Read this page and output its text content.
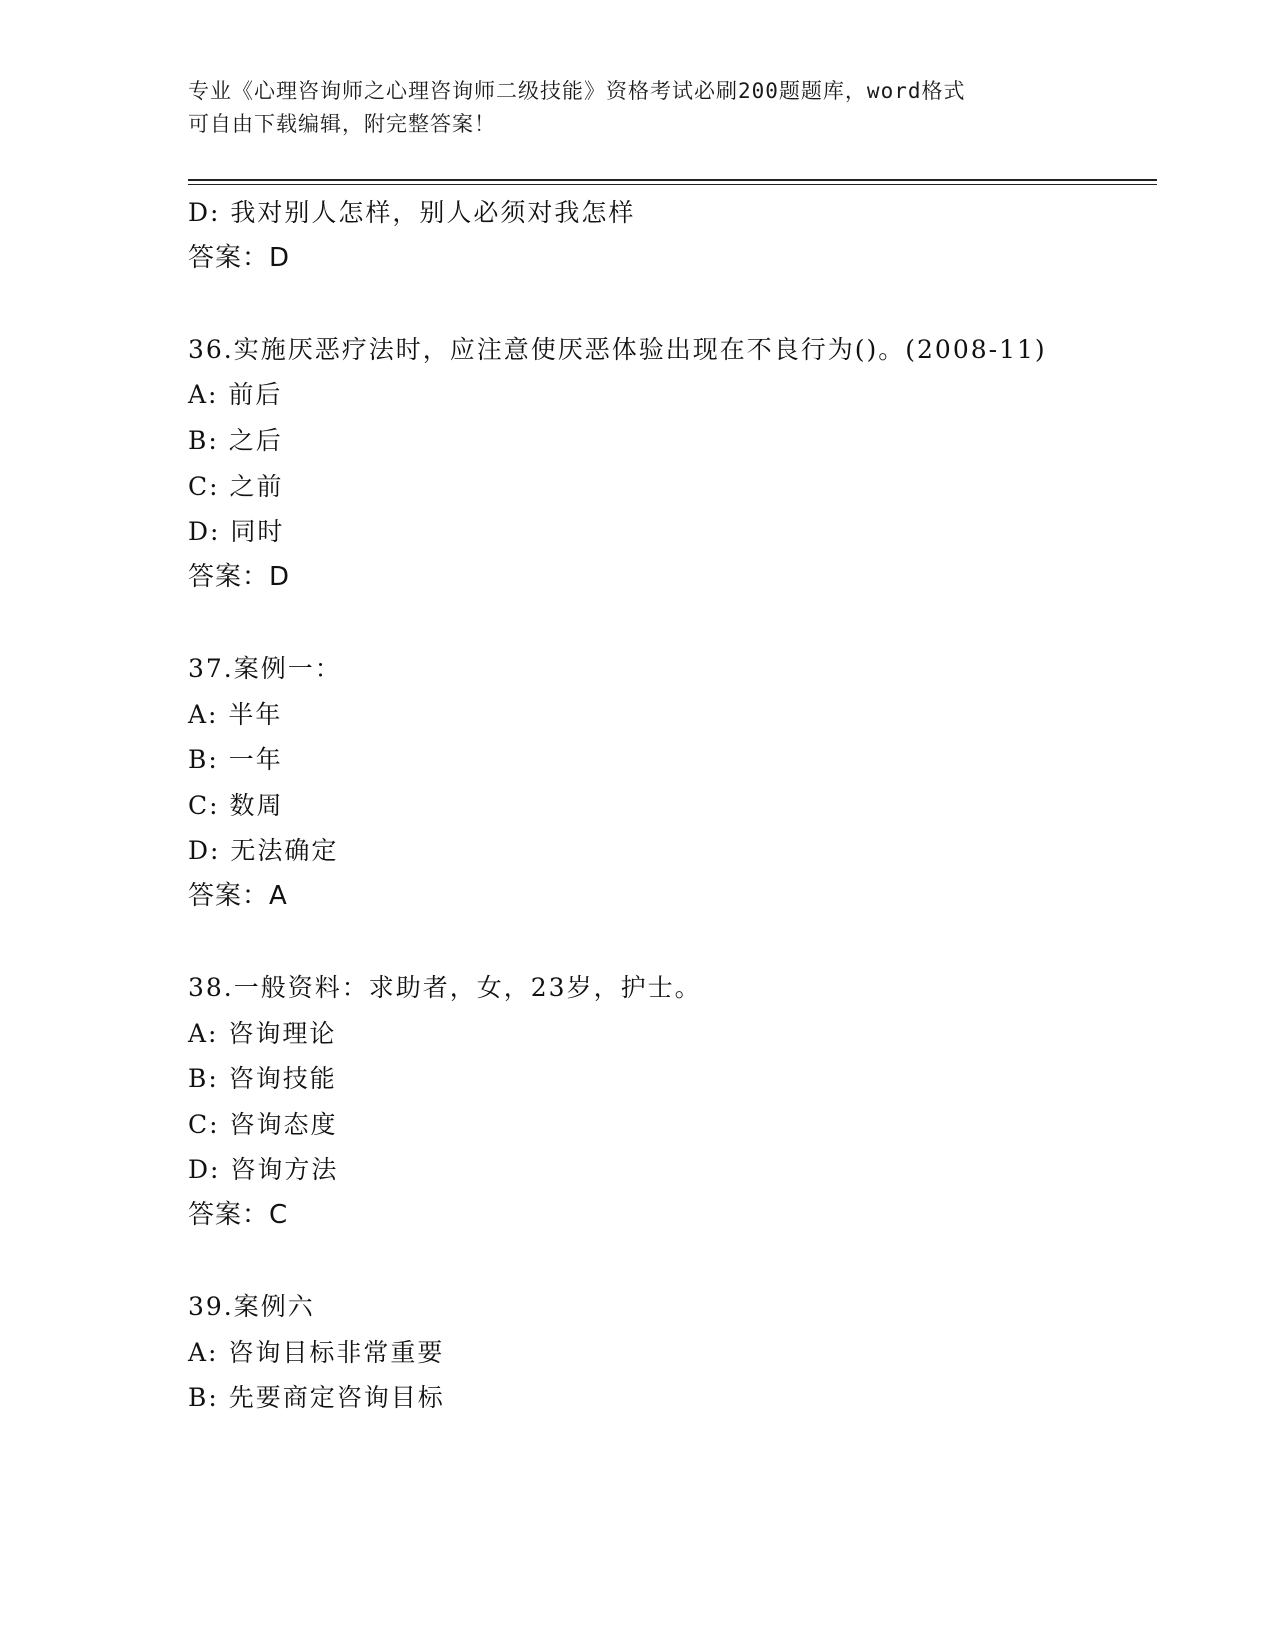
专业《心理咨询师之心理咨询师二级技能》资格考试必刷200题题库，word格式
可自由下载编辑，附完整答案！
D: 我对别人怎样，别人必须对我怎样
答案：D
36.实施厌恶疗法时，应注意使厌恶体验出现在不良行为()。(2008-11)
A: 前后
B: 之后
C: 之前
D: 同时
答案：D
37.案例一：
A: 半年
B: 一年
C: 数周
D: 无法确定
答案：A
38.一般资料：求助者，女，23岁，护士。
A: 咨询理论
B: 咨询技能
C: 咨询态度
D: 咨询方法
答案：C
39.案例六
A: 咨询目标非常重要
B: 先要商定咨询目标
